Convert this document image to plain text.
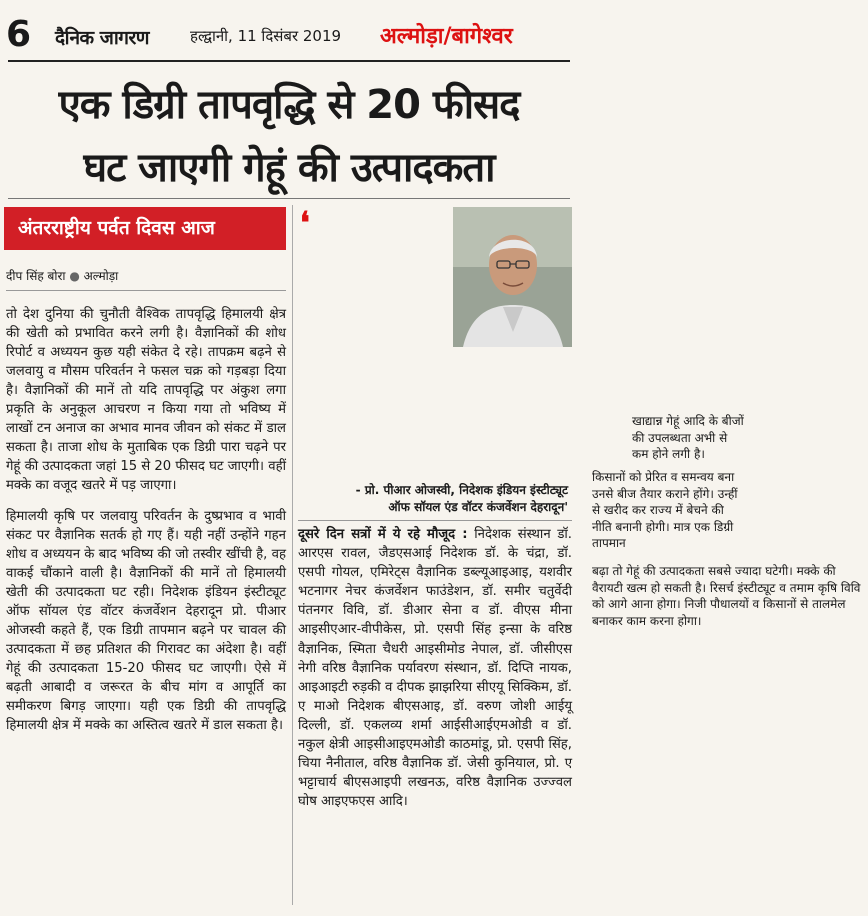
6 दैनिक जागरण	हल्द्वानी, 11 दिसंबर 2019 अल्मोड़ा/बागेश्वर
एक डिग्री तापवृद्धि से 20 फीसद
घट जाएगी गेहूं की उत्पादकता
अंतरराष्ट्रीय पर्वत दिवस आज
दीप सिंह बोरा ● अल्मोड़ा

तो देश दुनिया की चुनौती वैश्विक तापवृद्धि हिमालयी क्षेत्र की खेती को प्रभावित करने लगी है। वैज्ञानिकों की शोध रिपोर्ट व अध्ययन कुछ यही संकेत दे रहे। तापक्रम बढ़ने से जलवायु व मौसम परिवर्तन ने फसल चक्र को गड़बड़ा दिया है। वैज्ञानिकों की मानें तो यदि तापवृद्धि पर अंकुश लगा प्रकृति के अनुकूल आचरण न किया गया तो भविष्य में लाखों टन अनाज का अभाव मानव जीवन को संकट में डाल सकता है। ताजा शोध के मुताबिक एक डिग्री पारा चढ़ने पर गेहूं की उत्पादकता जहां 15 से 20 फीसद घट जाएगी। वहीं मक्के का वजूद खतरे में पड़ जाएगा।

हिमालयी कृषि पर जलवायु परिवर्तन के दुष्प्रभाव व भावी संकट पर वैज्ञानिक सतर्क हो गए हैं। यही नहीं उन्होंने गहन शोध व अध्ययन के बाद भविष्य की जो तस्वीर खींची है, वह वाकई चौंकाने वाली है। वैज्ञानिकों की मानें तो हिमालयी खेती की उत्पादकता घट रही। निदेशक इंडियन इंस्टीट्यूट ऑफ सॉयल एंड वॉटर कंजर्वेशन देहरादून प्रो. पीआर ओजस्वी कहते हैं, एक डिग्री तापमान बढ़ने पर चावल की उत्पादकता में छह प्रतिशत की गिरावट का अंदेशा है। वहीं गेहूं की उत्पादकता 15-20 फीसद घट जाएगी। ऐसे में बढ़ती आबादी व जरूरत के बीच मांग व आपूर्ति का समीकरण बिगड़ जाएगा। यही एक डिग्री की तापवृद्धि हिमालयी क्षेत्र में मक्के का अस्तित्व खतरे में डाल सकता है।

❛
खाद्यान्न गेहूं आदि के बीजों की उपलब्धता अभी से कम होने लगी है।
किसानों को प्रेरित व समन्वय बना उनसे बीज तैयार कराने होंगे। उन्हीं से खरीद कर राज्य में बेचने की नीति बनानी होगी। मात्र एक डिग्री तापमान
बढ़ा तो गेहूं की उत्पादकता सबसे ज्यादा घटेगी। मक्के की वैरायटी खत्म हो सकती है। रिसर्च इंस्टीट्यूट व तमाम कृषि विवि को आगे आना होगा। निजी पौधालयों व किसानों से तालमेल बनाकर काम करना होगा।
- प्रो. पीआर ओजस्वी, निदेशक इंडियन इंस्टीट्यूट
ऑफ सॉयल एंड वॉटर कंजर्वेशन देहरादून'
दूसरे दिन सत्रों में ये रहे मौजूद : निदेशक संस्थान डॉ. आरएस रावल, जैडएसआई निदेशक डॉ. के चंद्रा, डॉ. एसपी गोयल, एमिरेट्स वैज्ञानिक डब्ल्यूआइआइ, यशवीर भटनागर नेचर कंजर्वेशन फाउंडेशन, डॉ. समीर चतुर्वेदी पंतनगर विवि, डॉ. डीआर सेना व डॉ. वीएस मीना आइसीएआर-वीपीकेस, प्रो. एसपी सिंह इन्सा के वरिष्ठ वैज्ञानिक, स्मिता चैधरी आइसीमोड नेपाल, डॉ. जीसीएस नेगी वरिष्ठ वैज्ञानिक पर्यावरण संस्थान, डॉ. दिप्ति नायक, आइआइटी रुड़की व दीपक झाझरिया सीएयू सिक्किम, डॉ. ए माओ निदेशक बीएसआइ, डॉ. वरुण जोशी आईयू दिल्ली, डॉ. एकलव्य शर्मा आईसीआईएमओडी व डॉ. नकुल क्षेत्री आइसीआइएमओडी काठमांडू, प्रो. एसपी सिंह, चिया नैनीताल, वरिष्ठ वैज्ञानिक डॉ. जेसी कुनियाल, प्रो. ए भट्टाचार्य बीएसआइपी लखनऊ, वरिष्ठ वैज्ञानिक उज्ज्वल घोष आइएफएस आदि।
